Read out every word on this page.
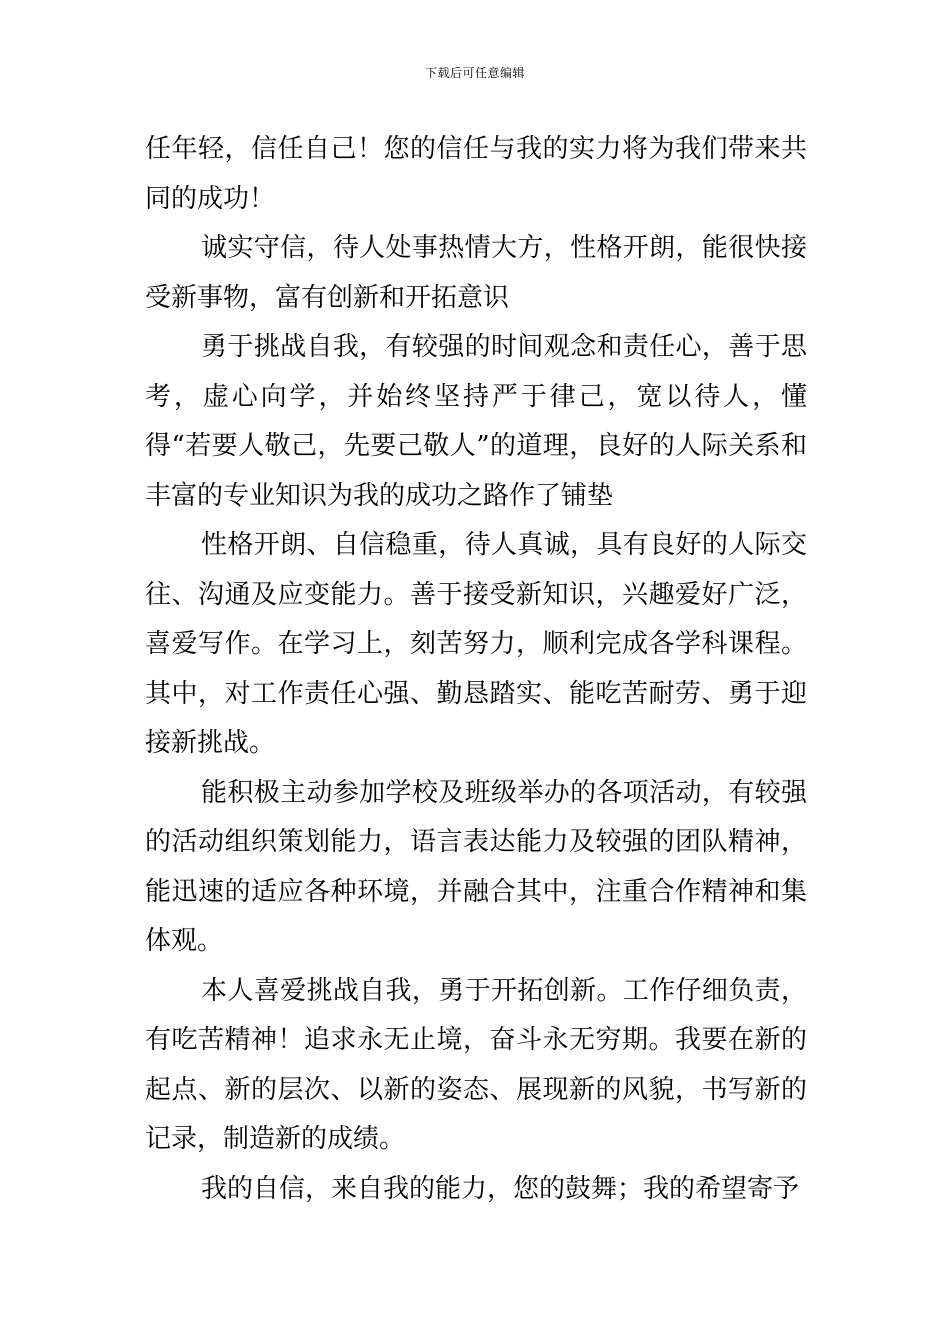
下载后可任意编辑

任年轻，信任自己！您的信任与我的实力将为我们带来共同的成功！

诚实守信，待人处事热情大方，性格开朗，能很快接受新事物，富有创新和开拓意识

勇于挑战自我，有较强的时间观念和责任心，善于思考，虚心向学，并始终坚持严于律己，宽以待人，懂得“若要人敬己，先要己敬人”的道理，良好的人际关系和丰富的专业知识为我的成功之路作了铺垫

性格开朗、自信稳重，待人真诚，具有良好的人际交往、沟通及应变能力。善于接受新知识，兴趣爱好广泛，喜爱写作。在学习上，刻苦努力，顺利完成各学科课程。其中，对工作责任心强、勤恳踏实、能吃苦耐劳、勇于迎接新挑战。

能积极主动参加学校及班级举办的各项活动，有较强的活动组织策划能力，语言表达能力及较强的团队精神，能迅速的适应各种环境，并融合其中，注重合作精神和集体观。

本人喜爱挑战自我，勇于开拓创新。工作仔细负责，有吃苦精神！追求永无止境，奋斗永无穷期。我要在新的起点、新的层次、以新的姿态、展现新的风貌，书写新的记录，制造新的成绩。

我的自信，来自我的能力，您的鼓舞；我的希望寄予
